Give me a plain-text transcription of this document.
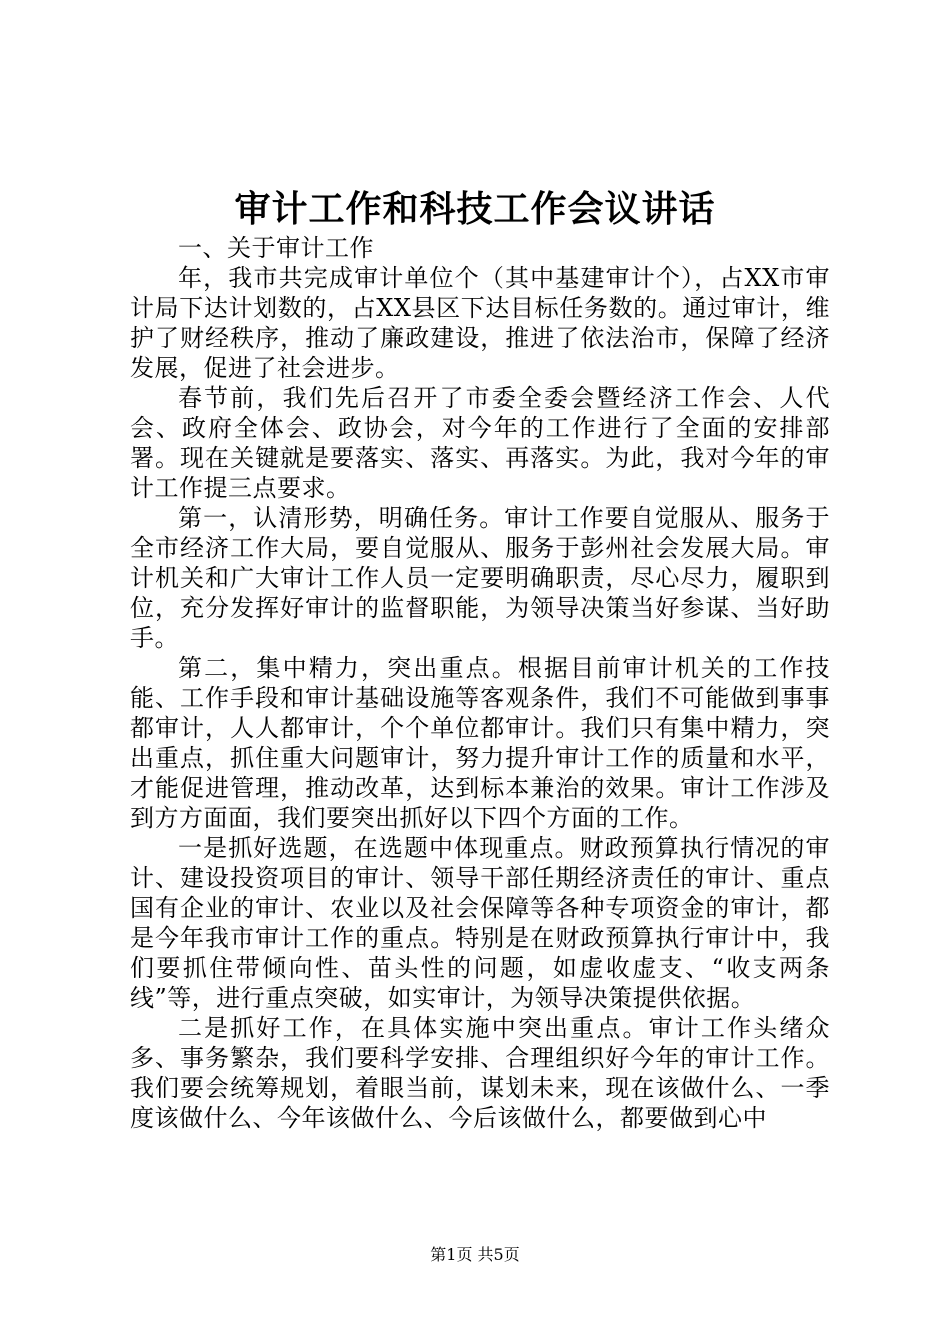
审计工作和科技工作会议讲话

一、关于审计工作

年，我市共完成审计单位个（其中基建审计个），占XX市审计局下达计划数的，占XX县区下达目标任务数的。通过审计，维护了财经秩序，推动了廉政建设，推进了依法治市，保障了经济发展，促进了社会进步。

春节前，我们先后召开了市委全委会暨经济工作会、人代会、政府全体会、政协会，对今年的工作进行了全面的安排部署。现在关键就是要落实、落实、再落实。为此，我对今年的审计工作提三点要求。

第一，认清形势，明确任务。审计工作要自觉服从、服务于全市经济工作大局，要自觉服从、服务于彭州社会发展大局。审计机关和广大审计工作人员一定要明确职责，尽心尽力，履职到位，充分发挥好审计的监督职能，为领导决策当好参谋、当好助手。

第二，集中精力，突出重点。根据目前审计机关的工作技能、工作手段和审计基础设施等客观条件，我们不可能做到事事都审计，人人都审计，个个单位都审计。我们只有集中精力，突出重点，抓住重大问题审计，努力提升审计工作的质量和水平，才能促进管理，推动改革，达到标本兼治的效果。审计工作涉及到方方面面，我们要突出抓好以下四个方面的工作。

一是抓好选题，在选题中体现重点。财政预算执行情况的审计、建设投资项目的审计、领导干部任期经济责任的审计、重点国有企业的审计、农业以及社会保障等各种专项资金的审计，都是今年我市审计工作的重点。特别是在财政预算执行审计中，我们要抓住带倾向性、苗头性的问题，如虚收虚支、“收支两条线”等，进行重点突破，如实审计，为领导决策提供依据。

二是抓好工作，在具体实施中突出重点。审计工作头绪众多、事务繁杂，我们要科学安排、合理组织好今年的审计工作。我们要会统筹规划，着眼当前，谋划未来，现在该做什么、一季度该做什么、今年该做什么、今后该做什么，都要做到心中

第1页 共5页
